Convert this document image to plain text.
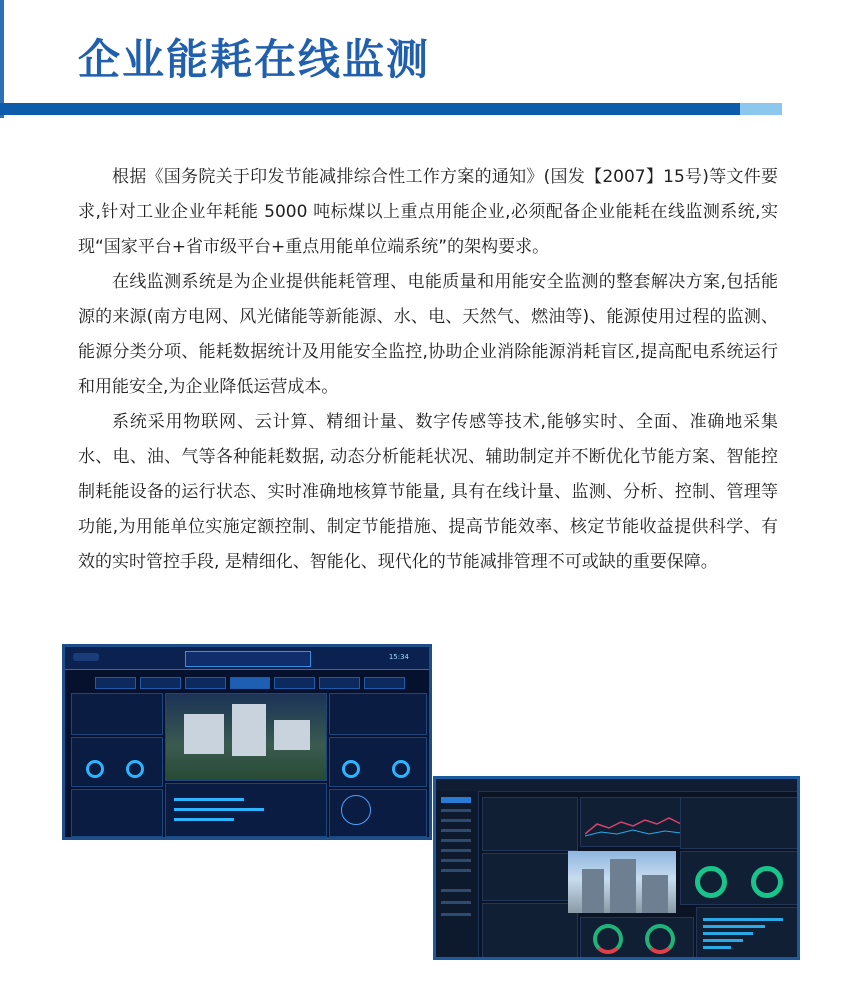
企业能耗在线监测

根据《国务院关于印发节能减排综合性工作方案的通知》(国发【2007】15号)等文件要求,针对工业企业年耗能 5000 吨标煤以上重点用能企业,必须配备企业能耗在线监测系统,实现“国家平台+省市级平台+重点用能单位端系统”的架构要求。

在线监测系统是为企业提供能耗管理、电能质量和用能安全监测的整套解决方案,包括能源的来源(南方电网、风光储能等新能源、水、电、天然气、燃油等)、能源使用过程的监测、能源分类分项、能耗数据统计及用能安全监控,协助企业消除能源消耗盲区,提高配电系统运行和用能安全,为企业降低运营成本。

系统采用物联网、云计算、精细计量、数字传感等技术,能够实时、全面、准确地采集水、电、油、气等各种能耗数据, 动态分析能耗状况、辅助制定并不断优化节能方案、智能控制耗能设备的运行状态、实时准确地核算节能量, 具有在线计量、监测、分析、控制、管理等功能,为用能单位实施定额控制、制定节能措施、提高节能效率、核定节能收益提供科学、有效的实时管控手段, 是精细化、智能化、现代化的节能减排管理不可或缺的重要保障。

15:34
